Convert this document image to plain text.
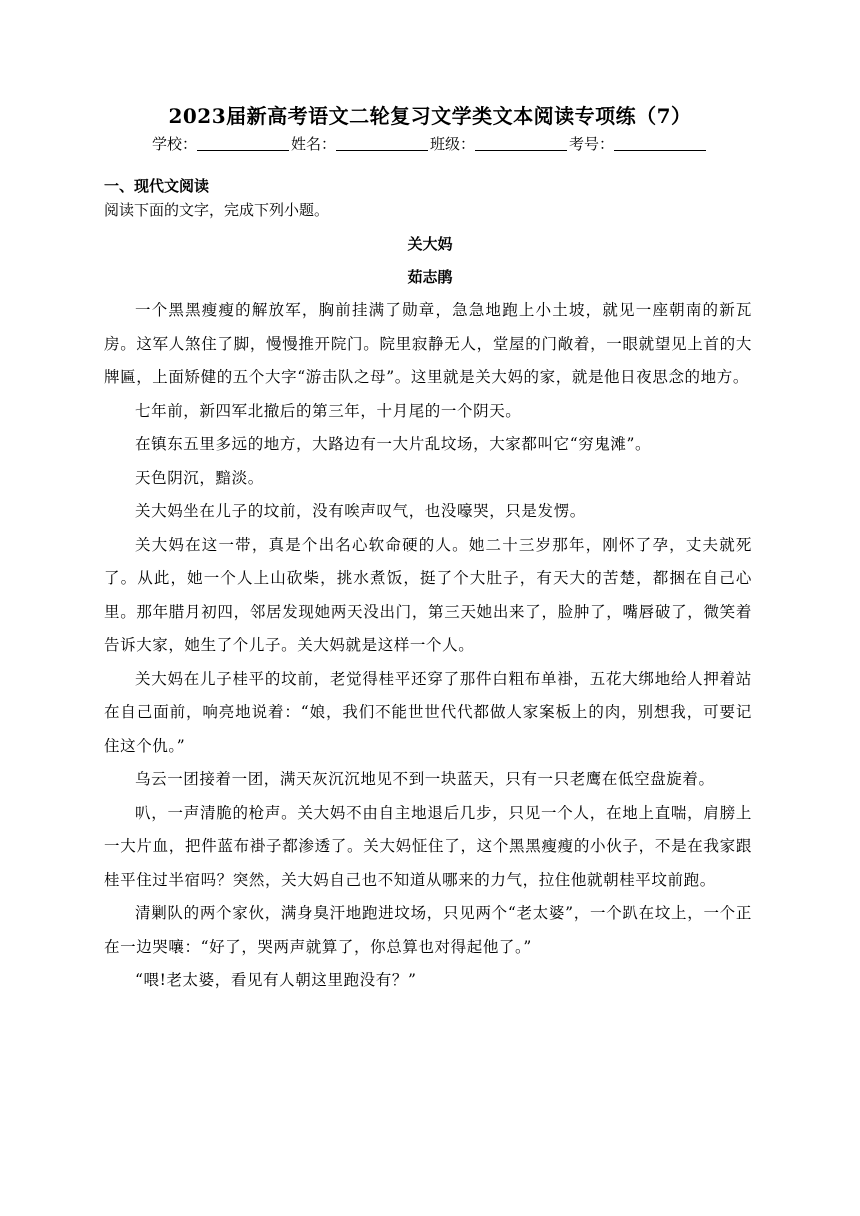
2023届新高考语文二轮复习文学类文本阅读专项练（7）
学校：	姓名：	班级：	考号：
一、现代文阅读
阅读下面的文字，完成下列小题。
关大妈
茹志鹃

一个黑黑瘦瘦的解放军，胸前挂满了勋章，急急地跑上小土坡，就见一座朝南的新瓦房。这军人煞住了脚，慢慢推开院门。院里寂静无人，堂屋的门敞着，一眼就望见上首的大牌匾，上面矫健的五个大字“游击队之母”。这里就是关大妈的家，就是他日夜思念的地方。

七年前，新四军北撤后的第三年，十月尾的一个阴天。

在镇东五里多远的地方，大路边有一大片乱坟场，大家都叫它“穷鬼滩”。

天色阴沉，黯淡。

关大妈坐在儿子的坟前，没有唉声叹气，也没嚎哭，只是发愣。

关大妈在这一带，真是个出名心软命硬的人。她二十三岁那年，刚怀了孕，丈夫就死了。从此，她一个人上山砍柴，挑水煮饭，挺了个大肚子，有天大的苦楚，都捆在自己心里。那年腊月初四，邻居发现她两天没出门，第三天她出来了，脸肿了，嘴唇破了，微笑着告诉大家，她生了个儿子。关大妈就是这样一个人。

关大妈在儿子桂平的坟前，老觉得桂平还穿了那件白粗布单褂，五花大绑地给人押着站在自己面前，响亮地说着：“娘，我们不能世世代代都做人家案板上的肉，别想我，可要记住这个仇。”

乌云一团接着一团，满天灰沉沉地见不到一块蓝天，只有一只老鹰在低空盘旋着。

叭，一声清脆的枪声。关大妈不由自主地退后几步，只见一个人，在地上直喘，肩膀上一大片血，把件蓝布褂子都渗透了。关大妈怔住了，这个黑黑瘦瘦的小伙子，不是在我家跟桂平住过半宿吗？突然，关大妈自己也不知道从哪来的力气，拉住他就朝桂平坟前跑。

清剿队的两个家伙，满身臭汗地跑进坟场，只见两个“老太婆”，一个趴在坟上，一个正在一边哭嚷：“好了，哭两声就算了，你总算也对得起他了。”

“喂!老太婆，看见有人朝这里跑没有？”
